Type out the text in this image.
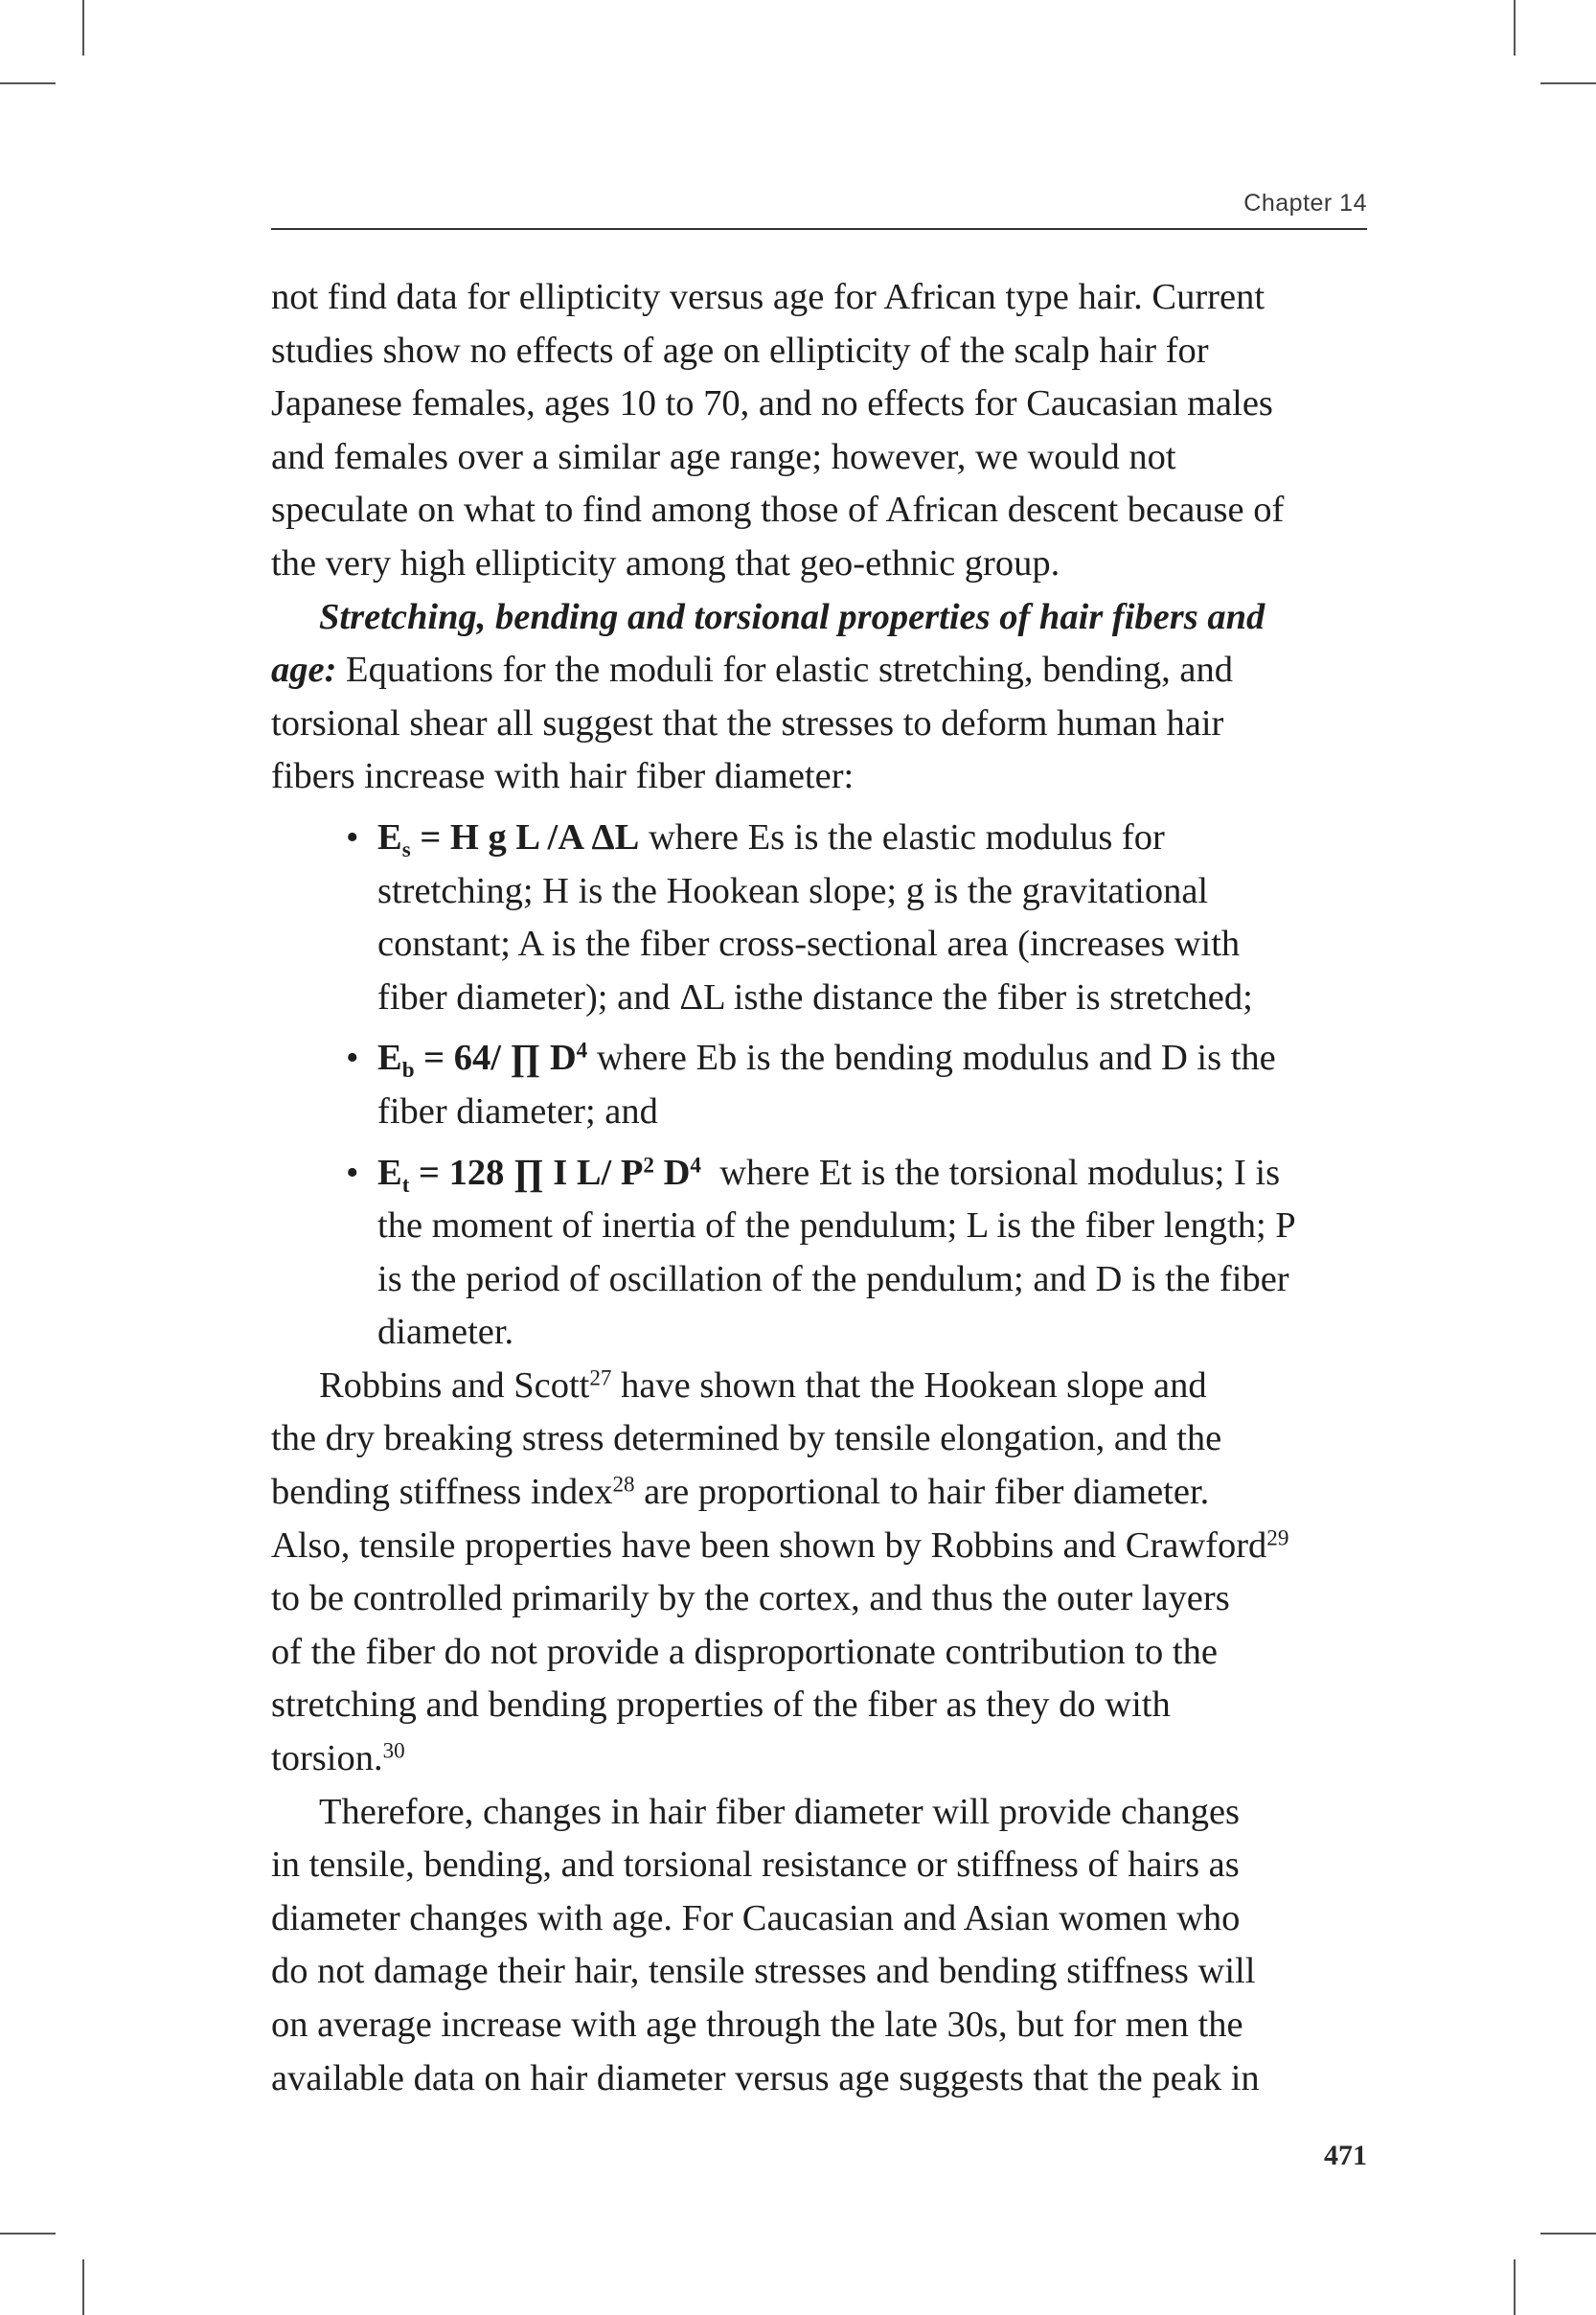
Chapter 14
not find data for ellipticity versus age for African type hair. Current
studies show no effects of age on ellipticity of the scalp hair for
Japanese females, ages 10 to 70, and no effects for Caucasian males
and females over a similar age range; however, we would not
speculate on what to find among those of African descent because of
the very high ellipticity among that geo-ethnic group.
Stretching, bending and torsional properties of hair fibers and
age: Equations for the moduli for elastic stretching, bending, and
torsional shear all suggest that the stresses to deform human hair
fibers increase with hair fiber diameter:
• $E_s = H$ g L /A ΔL where Es is the elastic modulus for
stretching; H is the Hookean slope; g is the gravitational
constant; A is the fiber cross-sectional area (increases with
fiber diameter); and ΔL isthe distance the fiber is stretched;
• $E_b = 64/$ ∏ $D^4$ where Eb is the bending modulus and D is the
fiber diameter; and
• $E_t = 128$ ∏ I L/ $P^2$ $D^4$  where Et is the torsional modulus; I is
the moment of inertia of the pendulum; L is the fiber length; P
is the period of oscillation of the pendulum; and D is the fiber
diameter.
Robbins and Scott$^{27}$ have shown that the Hookean slope and
the dry breaking stress determined by tensile elongation, and the
bending stiffness index$^{28}$ are proportional to hair fiber diameter.
Also, tensile properties have been shown by Robbins and Crawford$^{29}$
to be controlled primarily by the cortex, and thus the outer layers
of the fiber do not provide a disproportionate contribution to the
stretching and bending properties of the fiber as they do with
torsion.$^{30}$
Therefore, changes in hair fiber diameter will provide changes
in tensile, bending, and torsional resistance or stiffness of hairs as
diameter changes with age. For Caucasian and Asian women who
do not damage their hair, tensile stresses and bending stiffness will
on average increase with age through the late 30s, but for men the
available data on hair diameter versus age suggests that the peak in
471
